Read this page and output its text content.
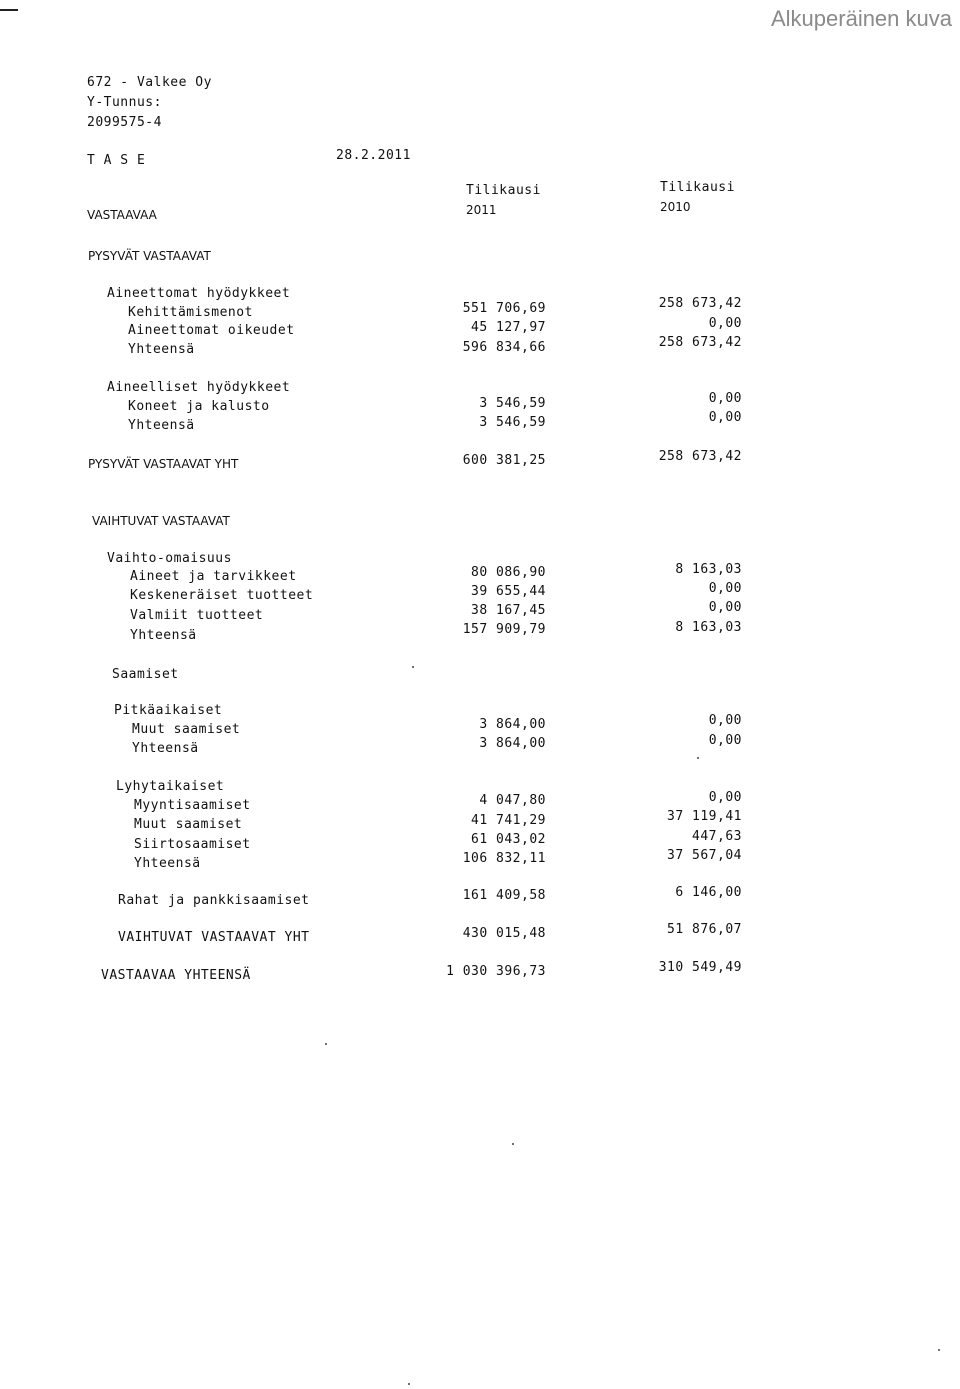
Alkuperäinen kuva
672 - Valkee Oy
Y-Tunnus:
2099575-4
T A S E	28.2.2011
Tilikausi
2011
Tilikausi
2010
VASTAAVAA
PYSYVÄT VASTAAVAT
Aineettomat hyödykkeet
Kehittämismenot	551 706,69	258 673,42
Aineettomat oikeudet	45 127,97	0,00
Yhteensä	596 834,66	258 673,42
Aineelliset hyödykkeet
Koneet ja kalusto	3 546,59	0,00
Yhteensä	3 546,59	0,00
PYSYVÄT VASTAAVAT YHT	600 381,25	258 673,42
VAIHTUVAT VASTAAVAT
Vaihto-omaisuus
Aineet ja tarvikkeet	80 086,90	8 163,03
Keskeneräiset tuotteet	39 655,44	0,00
Valmiit tuotteet	38 167,45	0,00
Yhteensä	157 909,79	8 163,03
Saamiset
Pitkäaikaiset
Muut saamiset	3 864,00	0,00
Yhteensä	3 864,00	0,00
Lyhytaikaiset
Myyntisaamiset	4 047,80	0,00
Muut saamiset	41 741,29	37 119,41
Siirtosaamiset	61 043,02	447,63
Yhteensä	106 832,11	37 567,04
Rahat ja pankkisaamiset	161 409,58	6 146,00
VAIHTUVAT VASTAAVAT YHT	430 015,48	51 876,07
VASTAAVAA YHTEENSÄ	1 030 396,73	310 549,49
